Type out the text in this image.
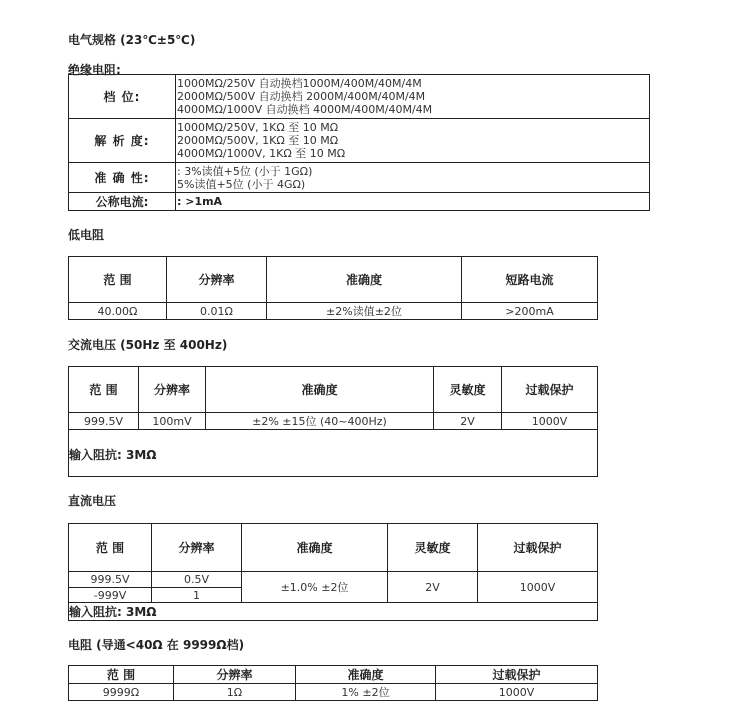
电气规格 (23℃±5℃)
绝缘电阻:
档 位:	1000MΩ/250V 自动换档1000M/400M/40M/4M
2000MΩ/500V 自动换档 2000M/400M/40M/4M
4000MΩ/1000V 自动换档 4000M/400M/40M/4M

解 析 度:	1000MΩ/250V, 1KΩ 至 10 MΩ
2000MΩ/500V, 1KΩ 至 10 MΩ
4000MΩ/1000V, 1KΩ 至 10 MΩ

准 确 性:	: 3%读值+5位 (小于 1GΩ)
5%读值+5位 (小于 4GΩ)

公称电流:	: >1mA
低电阻
范 围	分辨率	准确度	短路电流
40.00Ω	0.01Ω	±2%读值±2位	>200mA
交流电压 (50Hz 至 400Hz)
范 围	分辨率	准确度	灵敏度	过载保护
999.5V	100mV	±2% ±15位 (40~400Hz)	2V	1000V
输入阻抗: 3MΩ				
直流电压
范 围	分辨率	准确度	灵敏度	过载保护
999.5V	0.5V	±1.0% ±2位	2V	1000V
-999V	1			
输入阻抗: 3MΩ				
电阻 (导通<40Ω 在 9999Ω档)
范 围	分辨率	准确度	过载保护
9999Ω	1Ω	1% ±2位	1000V
